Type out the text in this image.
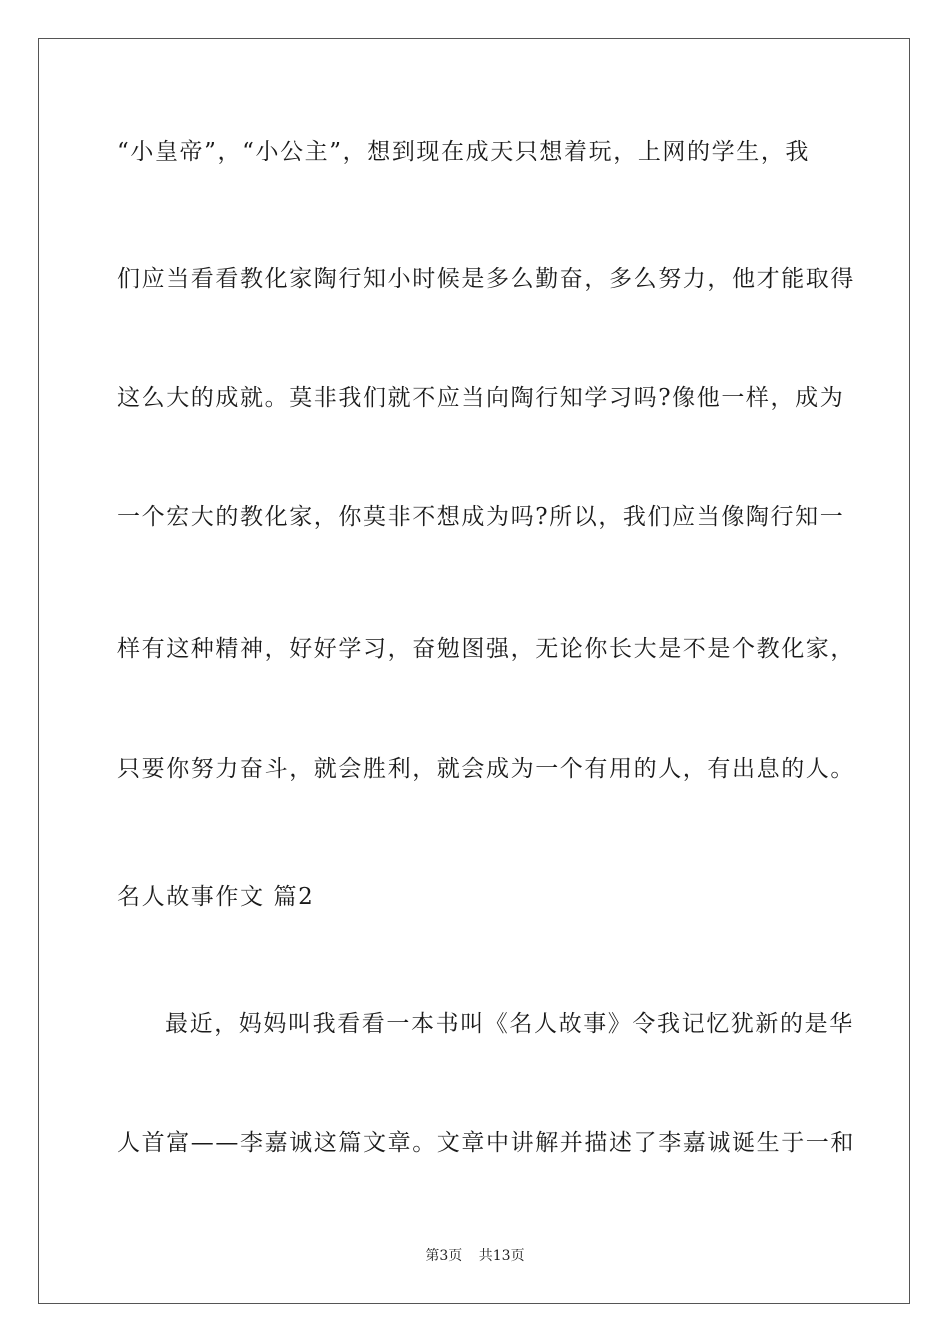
“小皇帝”，“小公主”，想到现在成天只想着玩，上网的学生，我
们应当看看教化家陶行知小时候是多么勤奋，多么努力，他才能取得
这么大的成就。莫非我们就不应当向陶行知学习吗?像他一样，成为
一个宏大的教化家，你莫非不想成为吗?所以，我们应当像陶行知一
样有这种精神，好好学习，奋勉图强，无论你长大是不是个教化家，
只要你努力奋斗，就会胜利，就会成为一个有用的人，有出息的人。
名人故事作文 篇2
最近，妈妈叫我看看一本书叫《名人故事》令我记忆犹新的是华
人首富——李嘉诚这篇文章。文章中讲解并描述了李嘉诚诞生于一和
第3页 共13页
